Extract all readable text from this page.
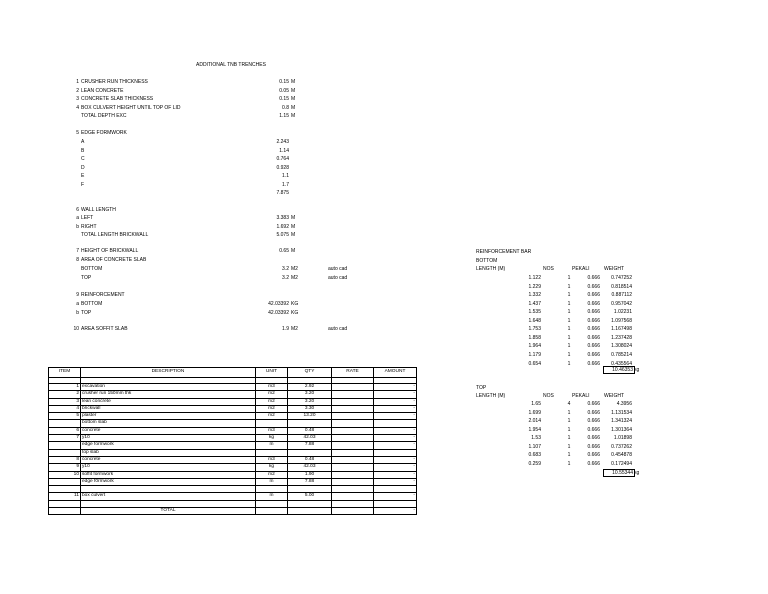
ADDITIONAL TNB TRENCHES
1 CRUSHER RUN THICKNESS	0.15 M
2 LEAN CONCRETE	0.05 M
3 CONCRETE SLAB THICKNESS	0.15 M
4 BOX CULVERT HEIGHT UNTIL TOP OF LID	0.8 M
TOTAL DEPTH EXC	1.15 M
5 EDGE FORMWORK
A	2.243
B	1.14
C	0.764
D	0.928
E	1.1
F	1.7
7.875
6 WALL LENGTH
a LEFT	3.383 M
b RIGHT	1.692 M
TOTAL LENGTH BRICKWALL	5.075 M
7 HEIGHT OF BRICKWALL	0.65 M
8 AREA OF CONCRETE SLAB
BOTTOM	3.2 M2	auto cad
TOP	3.2 M2	auto cad
9 REINFORCEMENT
a BOTTOM	42.03392 KG
b TOP	42.03392 KG
10 AREA SOFFIT SLAB	1.9 M2	auto cad
ITEM	DESCRIPTION	UNIT	QTY	RATE	AMOUNT

1	excavation	m3	2.92		-
2	crusher run 150mm thk	m2	3.20		-
3	lean concrete	m2	3.20		-
4	brickwall	m2	3.30		-
5	plaster	m2	13.20		-
	bottom slab				
6	concrete	m3	0.48		-
7	y10	kg	42.03		-
	edge formwork	m	7.88		-
	top slab				
8	concrete	m3	0.48		-
9	y10	kg	42.03		-
10	soffit formwork	m2	1.90		-
	edge f0rmwork	m	7.88		-

11	box culvert	m	5.00		-

	TOTAL				-
REINFORCEMENT BAR
BOTTOM
LENGTH (M)	NOS	PEKALI	WEIGHT
1.122	1	0.666	0.747252
1.229	1	0.666	0.818514
1.332	1	0.666	0.887112
1.437	1	0.666	0.957042
1.535	1	0.666	1.02231
1.648	1	0.666	1.097568
1.753	1	0.666	1.167498
1.858	1	0.666	1.237428
1.964	1	0.666	1.308024
1.179	1	0.666	0.785214
0.654	1	0.666	0.435564
10.46353 kg
TOP
LENGTH (M)	NOS	PEKALI	WEIGHT
1.65	4	0.666	4.3956
1.699	1	0.666	1.131534
2.014	1	0.666	1.341324
1.954	1	0.666	1.301364
1.53	1	0.666	1.01898
1.107	1	0.666	0.737262
0.683	1	0.666	0.454878
0.259	1	0.666	0.172494
10.55344 kg
